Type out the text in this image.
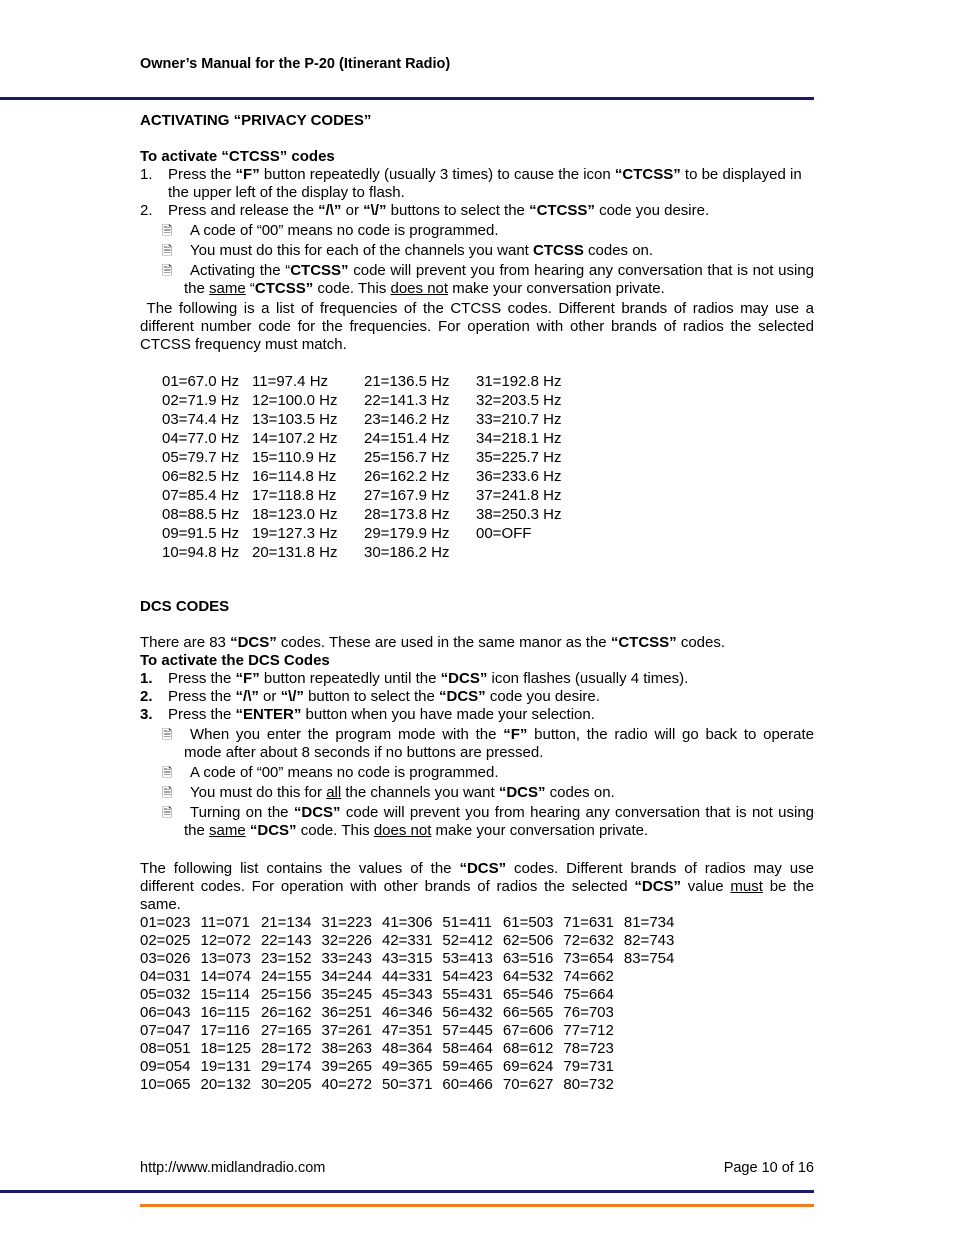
Owner’s Manual for the P-20 (Itinerant Radio)
ACTIVATING “PRIVACY CODES”
To activate “CTCSS” codes
1. Press the “F” button repeatedly (usually 3 times) to cause the icon “CTCSS” to be displayed in the upper left of the display to flash.
2. Press and release the “/\” or “\/” buttons to select the “CTCSS” code you desire.
🗎	A code of “00” means no code is programmed.
🗎	You must do this for each of the channels you want CTCSS codes on.
🗎	Activating the “CTCSS” code will prevent you from hearing any conversation that is not using the same “CTCSS” code. This does not make your conversation private.
The following is a list of frequencies of the CTCSS codes. Different brands of radios may use a different number code for the frequencies. For operation with other brands of radios the selected CTCSS frequency must match.
01=67.0 Hz	11=97.4 Hz	21=136.5 Hz	31=192.8 Hz
02=71.9 Hz	12=100.0 Hz	22=141.3 Hz	32=203.5 Hz
03=74.4 Hz	13=103.5 Hz	23=146.2 Hz	33=210.7 Hz
04=77.0 Hz	14=107.2 Hz	24=151.4 Hz	34=218.1 Hz
05=79.7 Hz	15=110.9 Hz	25=156.7 Hz	35=225.7 Hz
06=82.5 Hz	16=114.8 Hz	26=162.2 Hz	36=233.6 Hz
07=85.4 Hz	17=118.8 Hz	27=167.9 Hz	37=241.8 Hz
08=88.5 Hz	18=123.0 Hz	28=173.8 Hz	38=250.3 Hz
09=91.5 Hz	19=127.3 Hz	29=179.9 Hz	00=OFF
10=94.8 Hz	20=131.8 Hz	30=186.2 Hz	
DCS CODES
There are 83 “DCS” codes. These are used in the same manor as the “CTCSS” codes.
To activate the DCS Codes
1. Press the “F” button repeatedly until the “DCS” icon flashes (usually 4 times).
2. Press the “/\” or “\/” button to select the “DCS” code you desire.
3. Press the “ENTER” button when you have made your selection.
🗎	When you enter the program mode with the “F” button, the radio will go back to operate mode after about 8 seconds if no buttons are pressed.
🗎	A code of “00” means no code is programmed.
🗎	You must do this for all the channels you want “DCS” codes on.
🗎	Turning on the “DCS” code will prevent you from hearing any conversation that is not using the same “DCS” code. This does not make your conversation private.
The following list contains the values of the “DCS” codes. Different brands of radios may use different codes. For operation with other brands of radios the selected “DCS” value must be the same.
01=023	11=071	21=134	31=223	41=306	51=411	61=503	71=631	81=734
02=025	12=072	22=143	32=226	42=331	52=412	62=506	72=632	82=743
03=026	13=073	23=152	33=243	43=315	53=413	63=516	73=654	83=754
04=031	14=074	24=155	34=244	44=331	54=423	64=532	74=662	
05=032	15=114	25=156	35=245	45=343	55=431	65=546	75=664	
06=043	16=115	26=162	36=251	46=346	56=432	66=565	76=703	
07=047	17=116	27=165	37=261	47=351	57=445	67=606	77=712	
08=051	18=125	28=172	38=263	48=364	58=464	68=612	78=723	
09=054	19=131	29=174	39=265	49=365	59=465	69=624	79=731	
10=065	20=132	30=205	40=272	50=371	60=466	70=627	80=732	
http://www.midlandradio.com	Page 10 of 16
